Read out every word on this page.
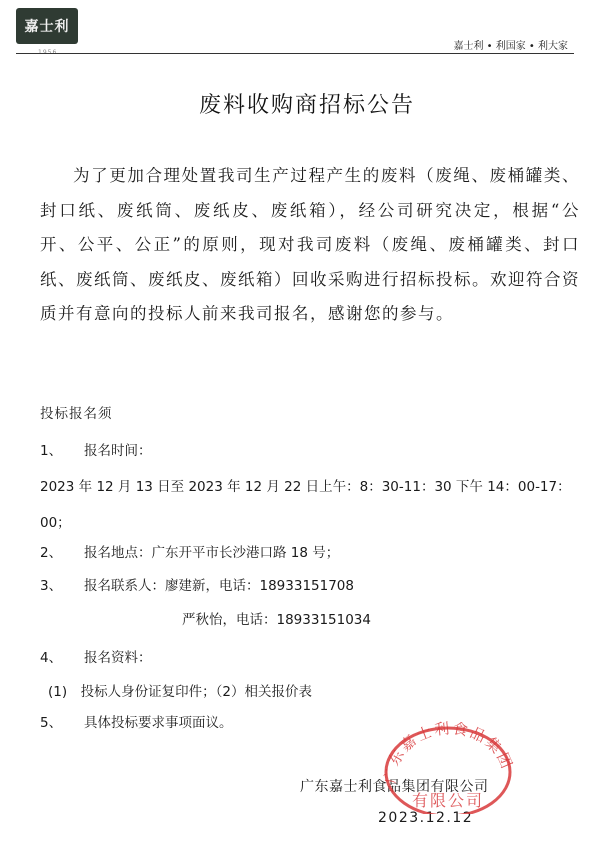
嘉士利
1956
嘉士利 • 利国家 • 利大家
废料收购商招标公告
为了更加合理处置我司生产过程产生的废料（废绳、废桶罐类、封口纸、废纸筒、废纸皮、废纸箱），经公司研究决定，根据“公开、公平、公正”的原则，现对我司废料（废绳、废桶罐类、封口纸、废纸筒、废纸皮、废纸箱）回收采购进行招标投标。欢迎符合资质并有意向的投标人前来我司报名，感谢您的参与。
投标报名须
1、 报名时间：
2023 年 12 月 13 日至 2023 年 12 月 22 日上午：8：30-11：30 下午 14：00-17：
00；
2、 报名地点：广东开平市长沙港口路 18 号；
3、 报名联系人：廖建新，电话：18933151708
严秋怡，电话：18933151034
4、 报名资料：
(1)　投标人身份证复印件；（2）相关报价表
5、 具体投标要求事项面议。
广东嘉士利食品集团有限公司
2023.12.12
广东嘉士利食品集团
有限公司
